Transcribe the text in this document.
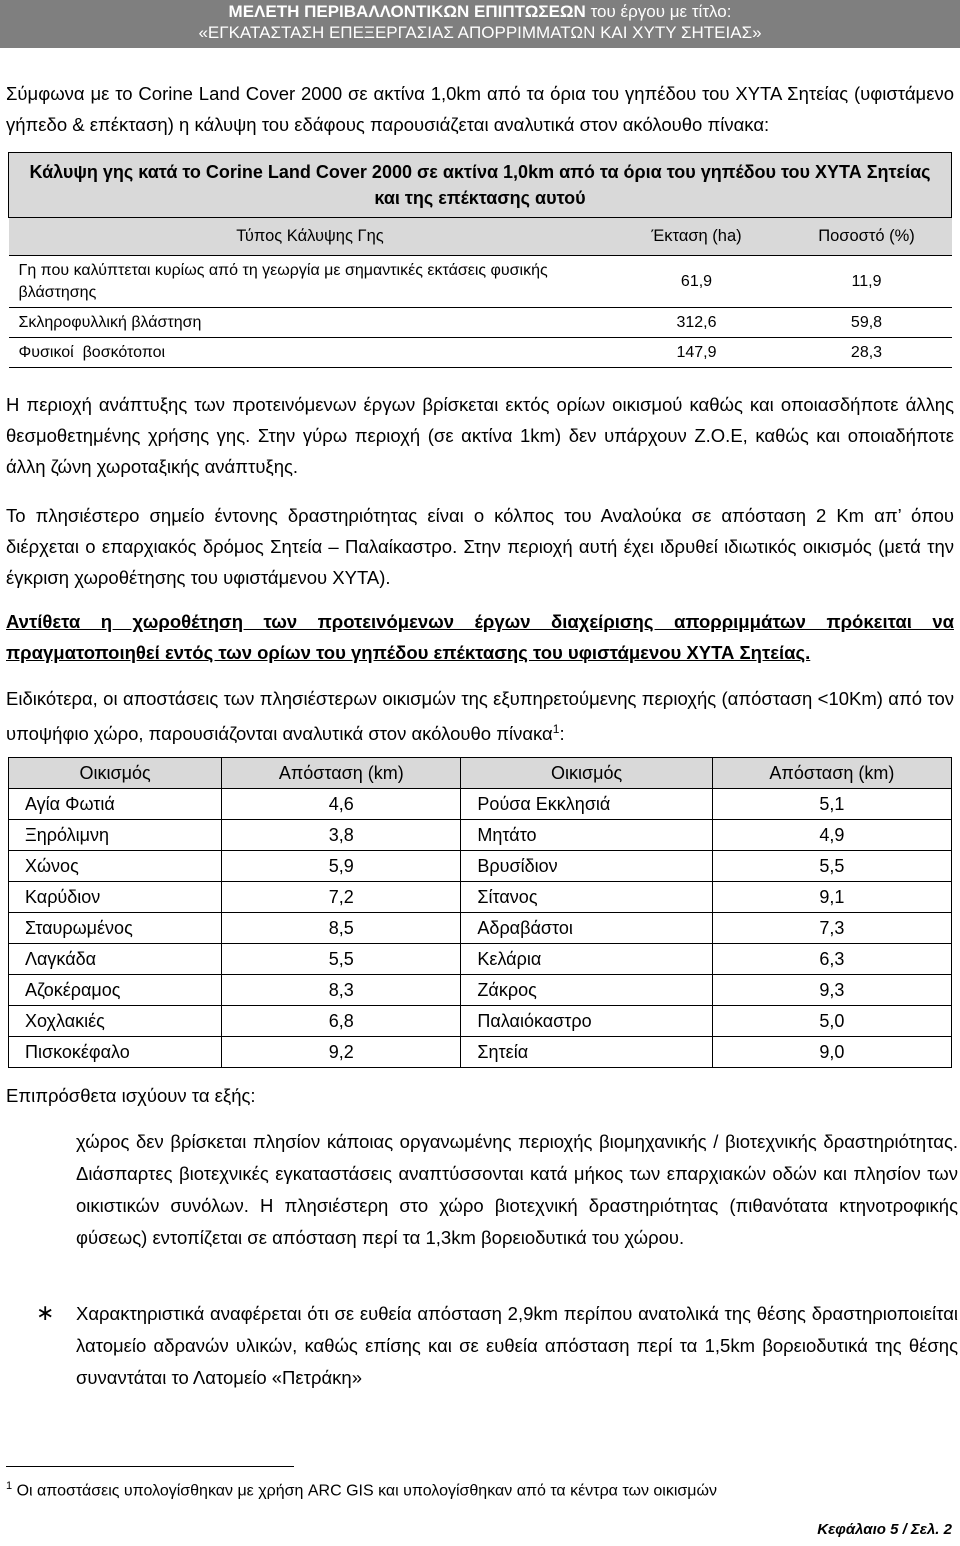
ΜΕΛΕΤΗ ΠΕΡΙΒΑΛΛΟΝΤΙΚΩΝ ΕΠΙΠΤΩΣΕΩΝ του έργου με τίτλο:
«ΕΓΚΑΤΑΣΤΑΣΗ ΕΠΕΞΕΡΓΑΣΙΑΣ ΑΠΟΡΡΙΜΜΑΤΩΝ ΚΑΙ ΧΥΤΥ ΣΗΤΕΙΑΣ»
Σύμφωνα με το Corine Land Cover 2000 σε ακτίνα 1,0km από τα όρια του γηπέδου του ΧΥΤΑ Σητείας (υφιστάμενο γήπεδο & επέκταση) η κάλυψη του εδάφους παρουσιάζεται αναλυτικά στον ακόλουθο πίνακα:
Κάλυψη γης κατά το Corine Land Cover 2000 σε ακτίνα 1,0km από τα όρια του γηπέδου του ΧΥΤΑ Σητείας και της επέκτασης αυτού		
Τύπος Κάλυψης Γης	Έκταση (ha)	Ποσοστό (%)
Γη που καλύπτεται κυρίως από τη γεωργία με σημαντικές εκτάσεις φυσικής βλάστησης	61,9	11,9
Σκληροφυλλική βλάστηση	312,6	59,8
Φυσικοί  βοσκότοποι	147,9	28,3
Η περιοχή ανάπτυξης των προτεινόμενων έργων βρίσκεται εκτός ορίων οικισμού καθώς και οποιασδήποτε άλλης θεσμοθετημένης χρήσης γης. Στην γύρω περιοχή (σε ακτίνα 1km) δεν υπάρχουν Ζ.Ο.Ε, καθώς και οποιαδήποτε άλλη ζώνη χωροταξικής ανάπτυξης.
Το πλησιέστερο σημείο έντονης δραστηριότητας είναι ο κόλπος του Αναλούκα σε απόσταση 2 Km απ’ όπου διέρχεται ο επαρχιακός δρόμος Σητεία – Παλαίκαστρο. Στην περιοχή αυτή έχει ιδρυθεί ιδιωτικός οικισμός (μετά την έγκριση χωροθέτησης του υφιστάμενου ΧΥΤΑ).
Αντίθετα η χωροθέτηση των προτεινόμενων έργων διαχείρισης απορριμμάτων πρόκειται να πραγματοποιηθεί εντός των ορίων του γηπέδου επέκτασης του υφιστάμενου ΧΥΤΑ Σητείας.
Ειδικότερα, οι αποστάσεις των πλησιέστερων οικισμών της εξυπηρετούμενης περιοχής (απόσταση <10Km) από τον υποψήφιο χώρο, παρουσιάζονται αναλυτικά στον ακόλουθο πίνακα$^1$:
Οικισμός	Απόσταση (km)	Οικισμός	Απόσταση (km)
Αγία Φωτιά	4,6	Ρούσα Εκκλησιά	5,1
Ξηρόλιμνη	3,8	Μητάτο	4,9
Χώνος	5,9	Βρυσίδιον	5,5
Καρύδιον	7,2	Σίτανος	9,1
Σταυρωμένος	8,5	Αδραβάστοι	7,3
Λαγκάδα	5,5	Κελάρια	6,3
Αζοκέραμος	8,3	Ζάκρος	9,3
Χοχλακιές	6,8	Παλαιόκαστρο	5,0
Πισκοκέφαλο	9,2	Σητεία	9,0
Επιπρόσθετα ισχύουν τα εξής:
χώρος δεν βρίσκεται πλησίον κάποιας οργανωμένης περιοχής βιομηχανικής / βιοτεχνικής δραστηριότητας. Διάσπαρτες βιοτεχνικές εγκαταστάσεις αναπτύσσονται κατά μήκος των επαρχιακών οδών και πλησίον των οικιστικών συνόλων. Η πλησιέστερη στο χώρο βιοτεχνική δραστηριότητας (πιθανότατα κτηνοτροφικής φύσεως) εντοπίζεται σε απόσταση περί τα 1,3km βορειοδυτικά του χώρου.
∗ Χαρακτηριστικά αναφέρεται ότι σε ευθεία απόσταση 2,9km περίπου ανατολικά της θέσης δραστηριοποιείται λατομείο αδρανών υλικών, καθώς επίσης και σε ευθεία απόσταση περί τα 1,5km βορειοδυτικά της θέσης συναντάται το Λατομείο «Πετράκη»
$^1$ Οι αποστάσεις υπολογίσθηκαν με χρήση ARC GIS και υπολογίσθηκαν από τα κέντρα των οικισμών
Κεφάλαιο 5 / Σελ. 2
